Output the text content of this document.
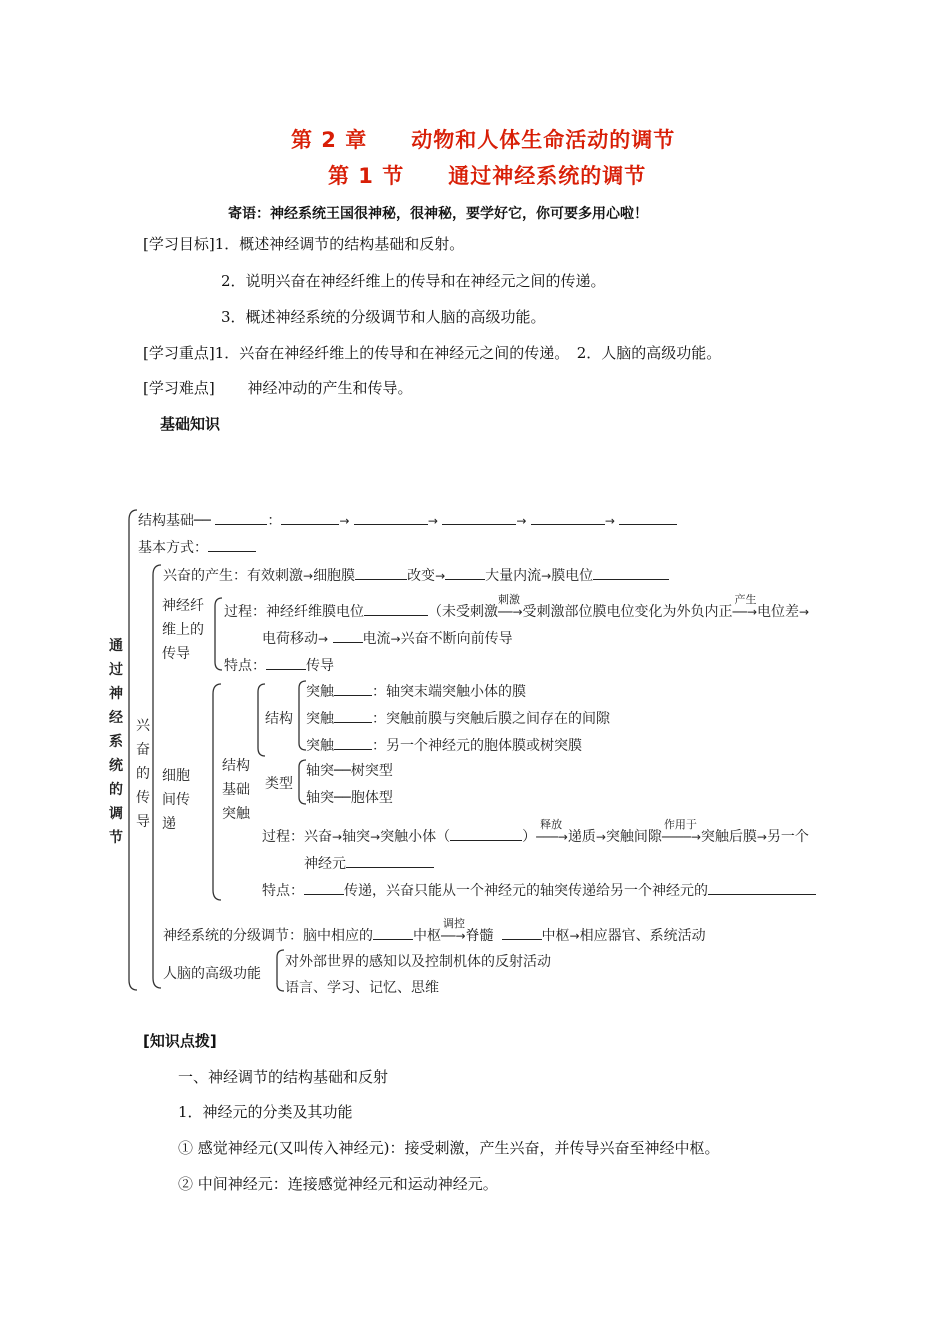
第 2 章　　动物和人体生命活动的调节
第 1 节　　通过神经系统的调节
寄语：神经系统王国很神秘，很神秘，要学好它，你可要多用心啦！
[学习目标]1．概述神经调节的结构基础和反射。
2．说明兴奋在神经纤维上的传导和在神经元之间的传递。
3．概述神经系统的分级调节和人脑的高级功能。
[学习重点]1．兴奋在神经纤维上的传导和在神经元之间的传递。　2．人脑的高级功能。
[学习难点] 神经冲动的产生和传导。
基础知识
通过神经系统的调节
兴奋的传导
结构基础──	：	→	→	→	→
基本方式：
兴奋的产生：有效刺激→细胞膜	改变→	大量内流→膜电位
神经纤维上的传导
过程：神经纤维膜电位	（未受刺激
刺激
──→受刺激部位膜电位变化为外负内正
产生
──→电位差→
电荷移动→ 电流→兴奋不断向前传导
特点：	传导
细胞间传递
结构基础突触
结构
突触	：轴突末端突触小体的膜
突触	：突触前膜与突触后膜之间存在的间隙
突触	：另一个神经元的胞体膜或树突膜
类型
轴突──树突型
轴突──胞体型
过程：兴奋→轴突→突触小体（	）
释放
───→递质→突触间隙
作用于
────→突触后膜→另一个
神经元
特点：	传递，兴奋只能从一个神经元的轴突传递给另一个神经元的
神经系统的分级调节：脑中相应的	中枢
调控
──→脊髓	中枢→相应器官、系统活动
人脑的高级功能
对外部世界的感知以及控制机体的反射活动
语言、学习、记忆、思维
[知识点拨]
一、神经调节的结构基础和反射
1．神经元的分类及其功能
① 感觉神经元(又叫传入神经元)：接受刺激，产生兴奋，并传导兴奋至神经中枢。
② 中间神经元：连接感觉神经元和运动神经元。
